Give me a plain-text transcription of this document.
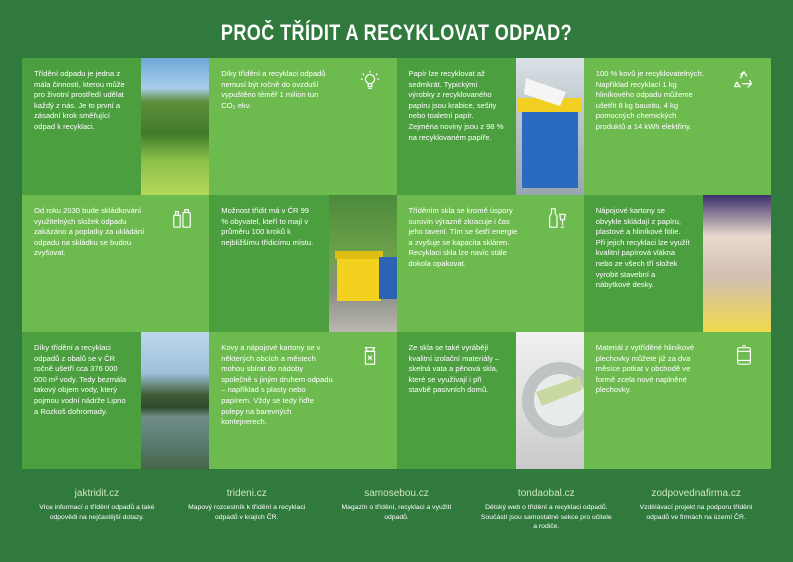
PROČ TŘÍDIT A RECYKLOVAT ODPAD?
Třídění odpadu je jedna z mála činností, kterou může pro životní prostředí udělat každý z nás. Je to první a zásadní krok směřující odpad k recyklaci.
Díky třídění a recyklaci odpadů nemusí být ročně do ovzduší vypuštěno téměř 1 milion tun CO₂ ekv.
Papír lze recyklovat až sedmkrát. Typickými výrobky z recyklovaného papíru jsou krabice, sešity nebo toaletní papír. Zejména noviny jsou z 98 % na recyklovaném papíře.
100 % kovů je recyklovatelných. Například recyklací 1 kg hliníkového odpadu můžeme ušetřit 8 kg bauxitu, 4 kg pomocných chemických produktů a 14 kWh elektřiny.
Od roku 2030 bude skládkování využitelných složek odpadu zakázáno a poplatky za ukládání odpadu na skládku se budou zvyšovat.
Možnost třídit má v ČR 99 % obyvatel, kteří to mají v průměru 100 kroků k nejbližšímu třídicímu místu.
Tříděním skla se kromě úspory surovin výrazně zkracuje i čas jeho tavení. Tím se šetří energie a zvyšuje se kapacita skláren. Recyklaci skla lze navíc stále dokola opakovat.
Nápojové kartony se obvykle skládají z papíru, plastové a hliníkové fólie. Při jejich recyklaci lze využít kvalitní papírová vlákna nebo ze všech tří složek vyrobit stavební a nábytkové desky.
Díky třídění a recyklaci odpadů z obalů se v ČR ročně ušetří cca 376 000 000 m³ vody. Tedy bezmála takový objem vody, který pojmou vodní nádrže Lipno a Rozkoš dohromady.
Kovy a nápojové kartony se v některých obcích a městech mohou sbírat do nádoby společně s jiným druhem odpadu – například s plasty nebo papírem. Vždy se tedy řiďte polepy na barevných kontejnerech.
Ze skla se také vyrábějí kvalitní izolační materiály – skelná vata a pěnová skla, které se využívají i při stavbě pasivních domů.
Materiál z vytříděné hliníkové plechovky můžete již za dva měsíce potkat v obchodě ve formě zcela nové naplněné plechovky.
jaktridit.cz
Více informací o třídění odpadů a také odpovědi na nejčastější dotazy.
trideni.cz
Mapový rozcestník k třídění a recyklaci odpadů v krajích ČR.
samosebou.cz
Magazín o třídění, recyklaci a využití odpadů.
tondaobal.cz
Dětský web o třídění a recyklaci odpadů. Součástí jsou samostatné sekce pro učitele a rodiče.
zodpovednafirma.cz
Vzdělávací projekt na podporu třídění odpadů ve firmách na území ČR.
